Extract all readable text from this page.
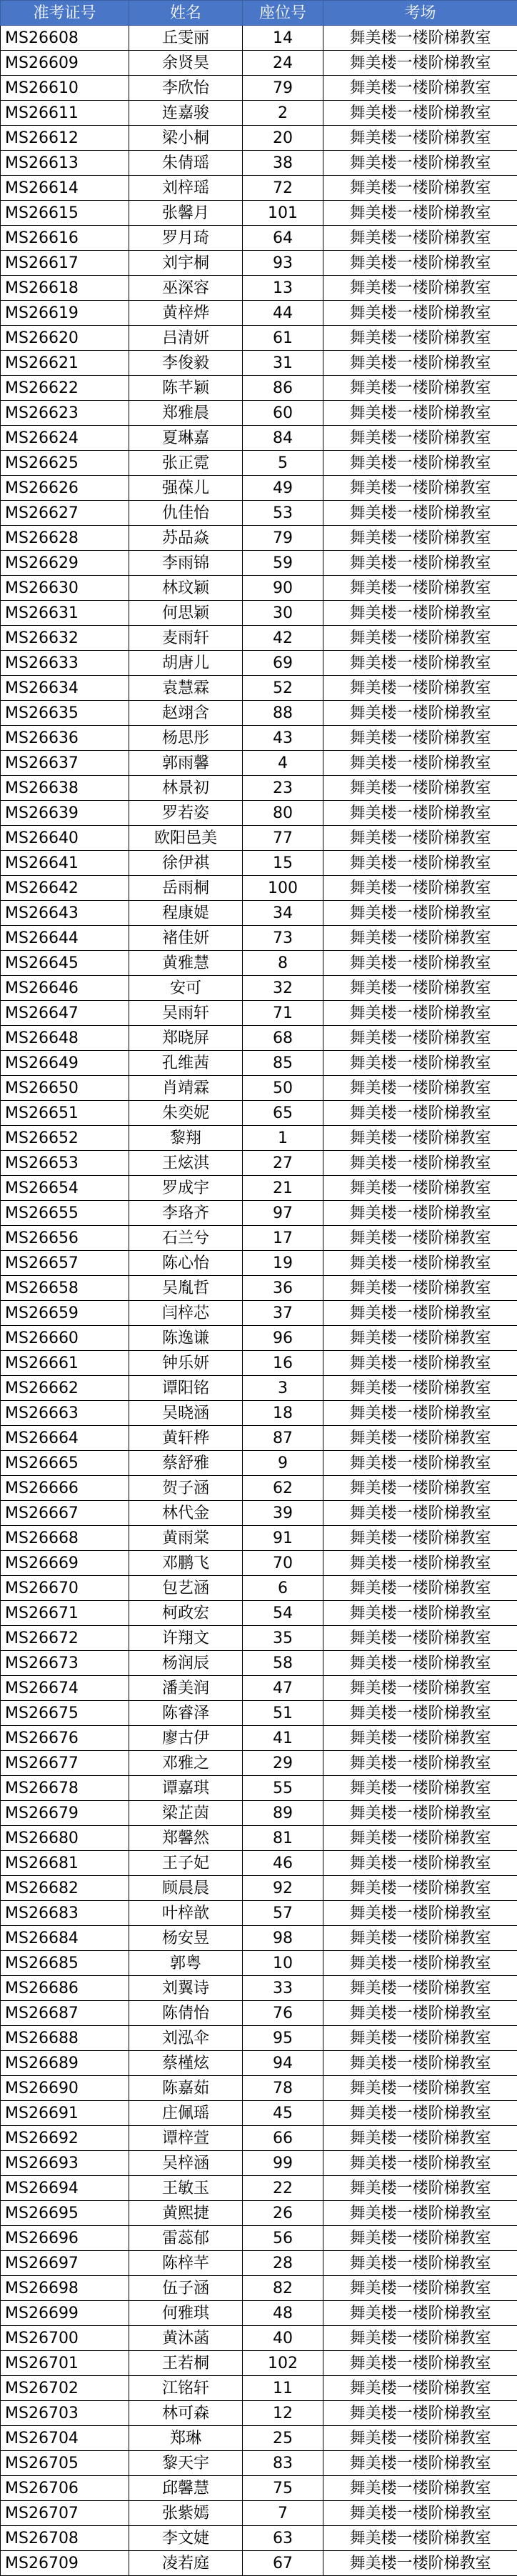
准考证号	姓名	座位号	考场
MS26608	丘雯丽	14	舞美楼一楼阶梯教室
MS26609	余贤昊	24	舞美楼一楼阶梯教室
MS26610	李欣怡	79	舞美楼一楼阶梯教室
MS26611	连嘉骏	2	舞美楼一楼阶梯教室
MS26612	梁小桐	20	舞美楼一楼阶梯教室
MS26613	朱倩瑶	38	舞美楼一楼阶梯教室
MS26614	刘梓瑶	72	舞美楼一楼阶梯教室
MS26615	张馨月	101	舞美楼一楼阶梯教室
MS26616	罗月琦	64	舞美楼一楼阶梯教室
MS26617	刘宇桐	93	舞美楼一楼阶梯教室
MS26618	巫深容	13	舞美楼一楼阶梯教室
MS26619	黄梓烨	44	舞美楼一楼阶梯教室
MS26620	吕清妍	61	舞美楼一楼阶梯教室
MS26621	李俊毅	31	舞美楼一楼阶梯教室
MS26622	陈芊颖	86	舞美楼一楼阶梯教室
MS26623	郑雅晨	60	舞美楼一楼阶梯教室
MS26624	夏琳嘉	84	舞美楼一楼阶梯教室
MS26625	张正霓	5	舞美楼一楼阶梯教室
MS26626	强葆儿	49	舞美楼一楼阶梯教室
MS26627	仇佳怡	53	舞美楼一楼阶梯教室
MS26628	苏品焱	79	舞美楼一楼阶梯教室
MS26629	李雨锦	59	舞美楼一楼阶梯教室
MS26630	林玟颖	90	舞美楼一楼阶梯教室
MS26631	何思颖	30	舞美楼一楼阶梯教室
MS26632	麦雨轩	42	舞美楼一楼阶梯教室
MS26633	胡唐儿	69	舞美楼一楼阶梯教室
MS26634	袁慧霖	52	舞美楼一楼阶梯教室
MS26635	赵翊含	88	舞美楼一楼阶梯教室
MS26636	杨思彤	43	舞美楼一楼阶梯教室
MS26637	郭雨馨	4	舞美楼一楼阶梯教室
MS26638	林景初	23	舞美楼一楼阶梯教室
MS26639	罗若姿	80	舞美楼一楼阶梯教室
MS26640	欧阳邑美	77	舞美楼一楼阶梯教室
MS26641	徐伊祺	15	舞美楼一楼阶梯教室
MS26642	岳雨桐	100	舞美楼一楼阶梯教室
MS26643	程康媞	34	舞美楼一楼阶梯教室
MS26644	褚佳妍	73	舞美楼一楼阶梯教室
MS26645	黄雅慧	8	舞美楼一楼阶梯教室
MS26646	安可	32	舞美楼一楼阶梯教室
MS26647	吴雨轩	71	舞美楼一楼阶梯教室
MS26648	郑晓屏	68	舞美楼一楼阶梯教室
MS26649	孔维茜	85	舞美楼一楼阶梯教室
MS26650	肖靖霖	50	舞美楼一楼阶梯教室
MS26651	朱奕妮	65	舞美楼一楼阶梯教室
MS26652	黎翔	1	舞美楼一楼阶梯教室
MS26653	王炫淇	27	舞美楼一楼阶梯教室
MS26654	罗成宇	21	舞美楼一楼阶梯教室
MS26655	李珞齐	97	舞美楼一楼阶梯教室
MS26656	石兰兮	17	舞美楼一楼阶梯教室
MS26657	陈心怡	19	舞美楼一楼阶梯教室
MS26658	吴胤哲	36	舞美楼一楼阶梯教室
MS26659	闫梓芯	37	舞美楼一楼阶梯教室
MS26660	陈逸谦	96	舞美楼一楼阶梯教室
MS26661	钟乐妍	16	舞美楼一楼阶梯教室
MS26662	谭阳铭	3	舞美楼一楼阶梯教室
MS26663	吴晓涵	18	舞美楼一楼阶梯教室
MS26664	黄轩桦	87	舞美楼一楼阶梯教室
MS26665	蔡舒雅	9	舞美楼一楼阶梯教室
MS26666	贺子涵	62	舞美楼一楼阶梯教室
MS26667	林代金	39	舞美楼一楼阶梯教室
MS26668	黄雨棠	91	舞美楼一楼阶梯教室
MS26669	邓鹏飞	70	舞美楼一楼阶梯教室
MS26670	包艺涵	6	舞美楼一楼阶梯教室
MS26671	柯政宏	54	舞美楼一楼阶梯教室
MS26672	许翔文	35	舞美楼一楼阶梯教室
MS26673	杨润辰	58	舞美楼一楼阶梯教室
MS26674	潘美润	47	舞美楼一楼阶梯教室
MS26675	陈睿泽	51	舞美楼一楼阶梯教室
MS26676	廖古伊	41	舞美楼一楼阶梯教室
MS26677	邓雅之	29	舞美楼一楼阶梯教室
MS26678	谭嘉琪	55	舞美楼一楼阶梯教室
MS26679	梁芷茵	89	舞美楼一楼阶梯教室
MS26680	郑馨然	81	舞美楼一楼阶梯教室
MS26681	王子妃	46	舞美楼一楼阶梯教室
MS26682	顾晨晨	92	舞美楼一楼阶梯教室
MS26683	叶梓歆	57	舞美楼一楼阶梯教室
MS26684	杨安昱	98	舞美楼一楼阶梯教室
MS26685	郭粤	10	舞美楼一楼阶梯教室
MS26686	刘翼诗	33	舞美楼一楼阶梯教室
MS26687	陈倩怡	76	舞美楼一楼阶梯教室
MS26688	刘泓伞	95	舞美楼一楼阶梯教室
MS26689	蔡槿炫	94	舞美楼一楼阶梯教室
MS26690	陈嘉茹	78	舞美楼一楼阶梯教室
MS26691	庄佩瑶	45	舞美楼一楼阶梯教室
MS26692	谭梓萱	66	舞美楼一楼阶梯教室
MS26693	吴梓涵	99	舞美楼一楼阶梯教室
MS26694	王敏玉	22	舞美楼一楼阶梯教室
MS26695	黄熙捷	26	舞美楼一楼阶梯教室
MS26696	雷蕊郁	56	舞美楼一楼阶梯教室
MS26697	陈梓芊	28	舞美楼一楼阶梯教室
MS26698	伍子涵	82	舞美楼一楼阶梯教室
MS26699	何雅琪	48	舞美楼一楼阶梯教室
MS26700	黄沐菡	40	舞美楼一楼阶梯教室
MS26701	王若桐	102	舞美楼一楼阶梯教室
MS26702	江铭轩	11	舞美楼一楼阶梯教室
MS26703	林可森	12	舞美楼一楼阶梯教室
MS26704	郑琳	25	舞美楼一楼阶梯教室
MS26705	黎天宇	83	舞美楼一楼阶梯教室
MS26706	邱馨慧	75	舞美楼一楼阶梯教室
MS26707	张紫嫣	7	舞美楼一楼阶梯教室
MS26708	李文婕	63	舞美楼一楼阶梯教室
MS26709	凌若庭	67	舞美楼一楼阶梯教室
